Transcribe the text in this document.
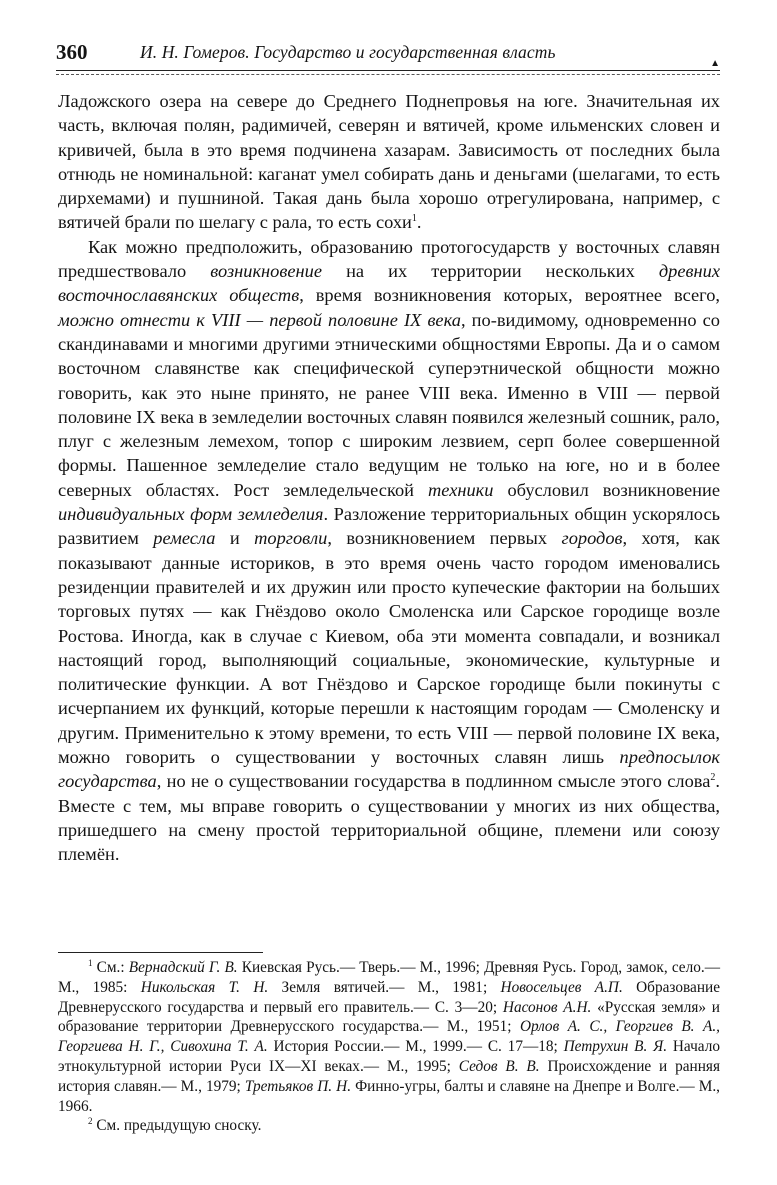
360	И. Н. Гомеров. Государство и государственная власть
▲

Ладожского озера на севере до Среднего Поднепровья на юге. Значительная их часть, включая полян, радимичей, северян и вятичей, кроме ильменских словен и кривичей, была в это время подчинена хазарам. Зависимость от последних была отнюдь не номинальной: каганат умел собирать дань и деньгами (шелагами, то есть дирхемами) и пушниной. Такая дань была хорошо отрегулирована, например, с вятичей брали по шелагу с рала, то есть сохи$^1$.

Как можно предположить, образованию протогосударств у восточных славян предшествовало возникновение на их территории нескольких древних восточнославянских обществ, время возникновения которых, вероятнее всего, можно отнести к VIII — первой половине IX века, по-видимому, одновременно со скандинавами и многими другими этническими общностями Европы. Да и о самом восточном славянстве как специфической суперэтнической общности можно говорить, как это ныне принято, не ранее VIII века. Именно в VIII — первой половине IX века в земледелии восточных славян появился железный сошник, рало, плуг с железным лемехом, топор с широким лезвием, серп более совершенной формы. Пашенное земледелие стало ведущим не только на юге, но и в более северных областях. Рост земледельческой техники обусловил возникновение индивидуальных форм земледелия. Разложение территориальных общин ускорялось развитием ремесла и торговли, возникновением первых городов, хотя, как показывают данные историков, в это время очень часто городом именовались резиденции правителей и их дружин или просто купеческие фактории на больших торговых путях — как Гнёздово около Смоленска или Сарское городище возле Ростова. Иногда, как в случае с Киевом, оба эти момента совпадали, и возникал настоящий город, выполняющий социальные, экономические, культурные и политические функции. А вот Гнёздово и Сарское городище были покинуты с исчерпанием их функций, которые перешли к настоящим городам — Смоленску и другим. Применительно к этому времени, то есть VIII — первой половине IX века, можно говорить о существовании у восточных славян лишь предпосылок государства, но не о существовании государства в подлинном смысле этого слова$^2$. Вместе с тем, мы вправе говорить о существовании у многих из них общества, пришедшего на смену простой территориальной общине, племени или союзу племён.

$^1$ См.: Вернадский Г. В. Киевская Русь.— Тверь.— М., 1996; Древняя Русь. Город, замок, село.— М., 1985: Никольская Т. Н. Земля вятичей.— М., 1981; Новосельцев А.П. Образование Древнерусского государства и первый его правитель.— С. 3—20; Насонов А.Н. «Русская земля» и образование территории Древнерусского государства.— М., 1951; Орлов А. С., Георгиев В. А., Георгиева Н. Г., Сивохина Т. А. История России.— М., 1999.— С. 17—18; Петрухин В. Я. Начало этнокультурной истории Руси IX—XI веках.— М., 1995; Седов В. В. Происхождение и ранняя история славян.— М., 1979; Третьяков П. Н. Финно-угры, балты и славяне на Днепре и Волге.— М., 1966.

$^2$ См. предыдущую сноску.
